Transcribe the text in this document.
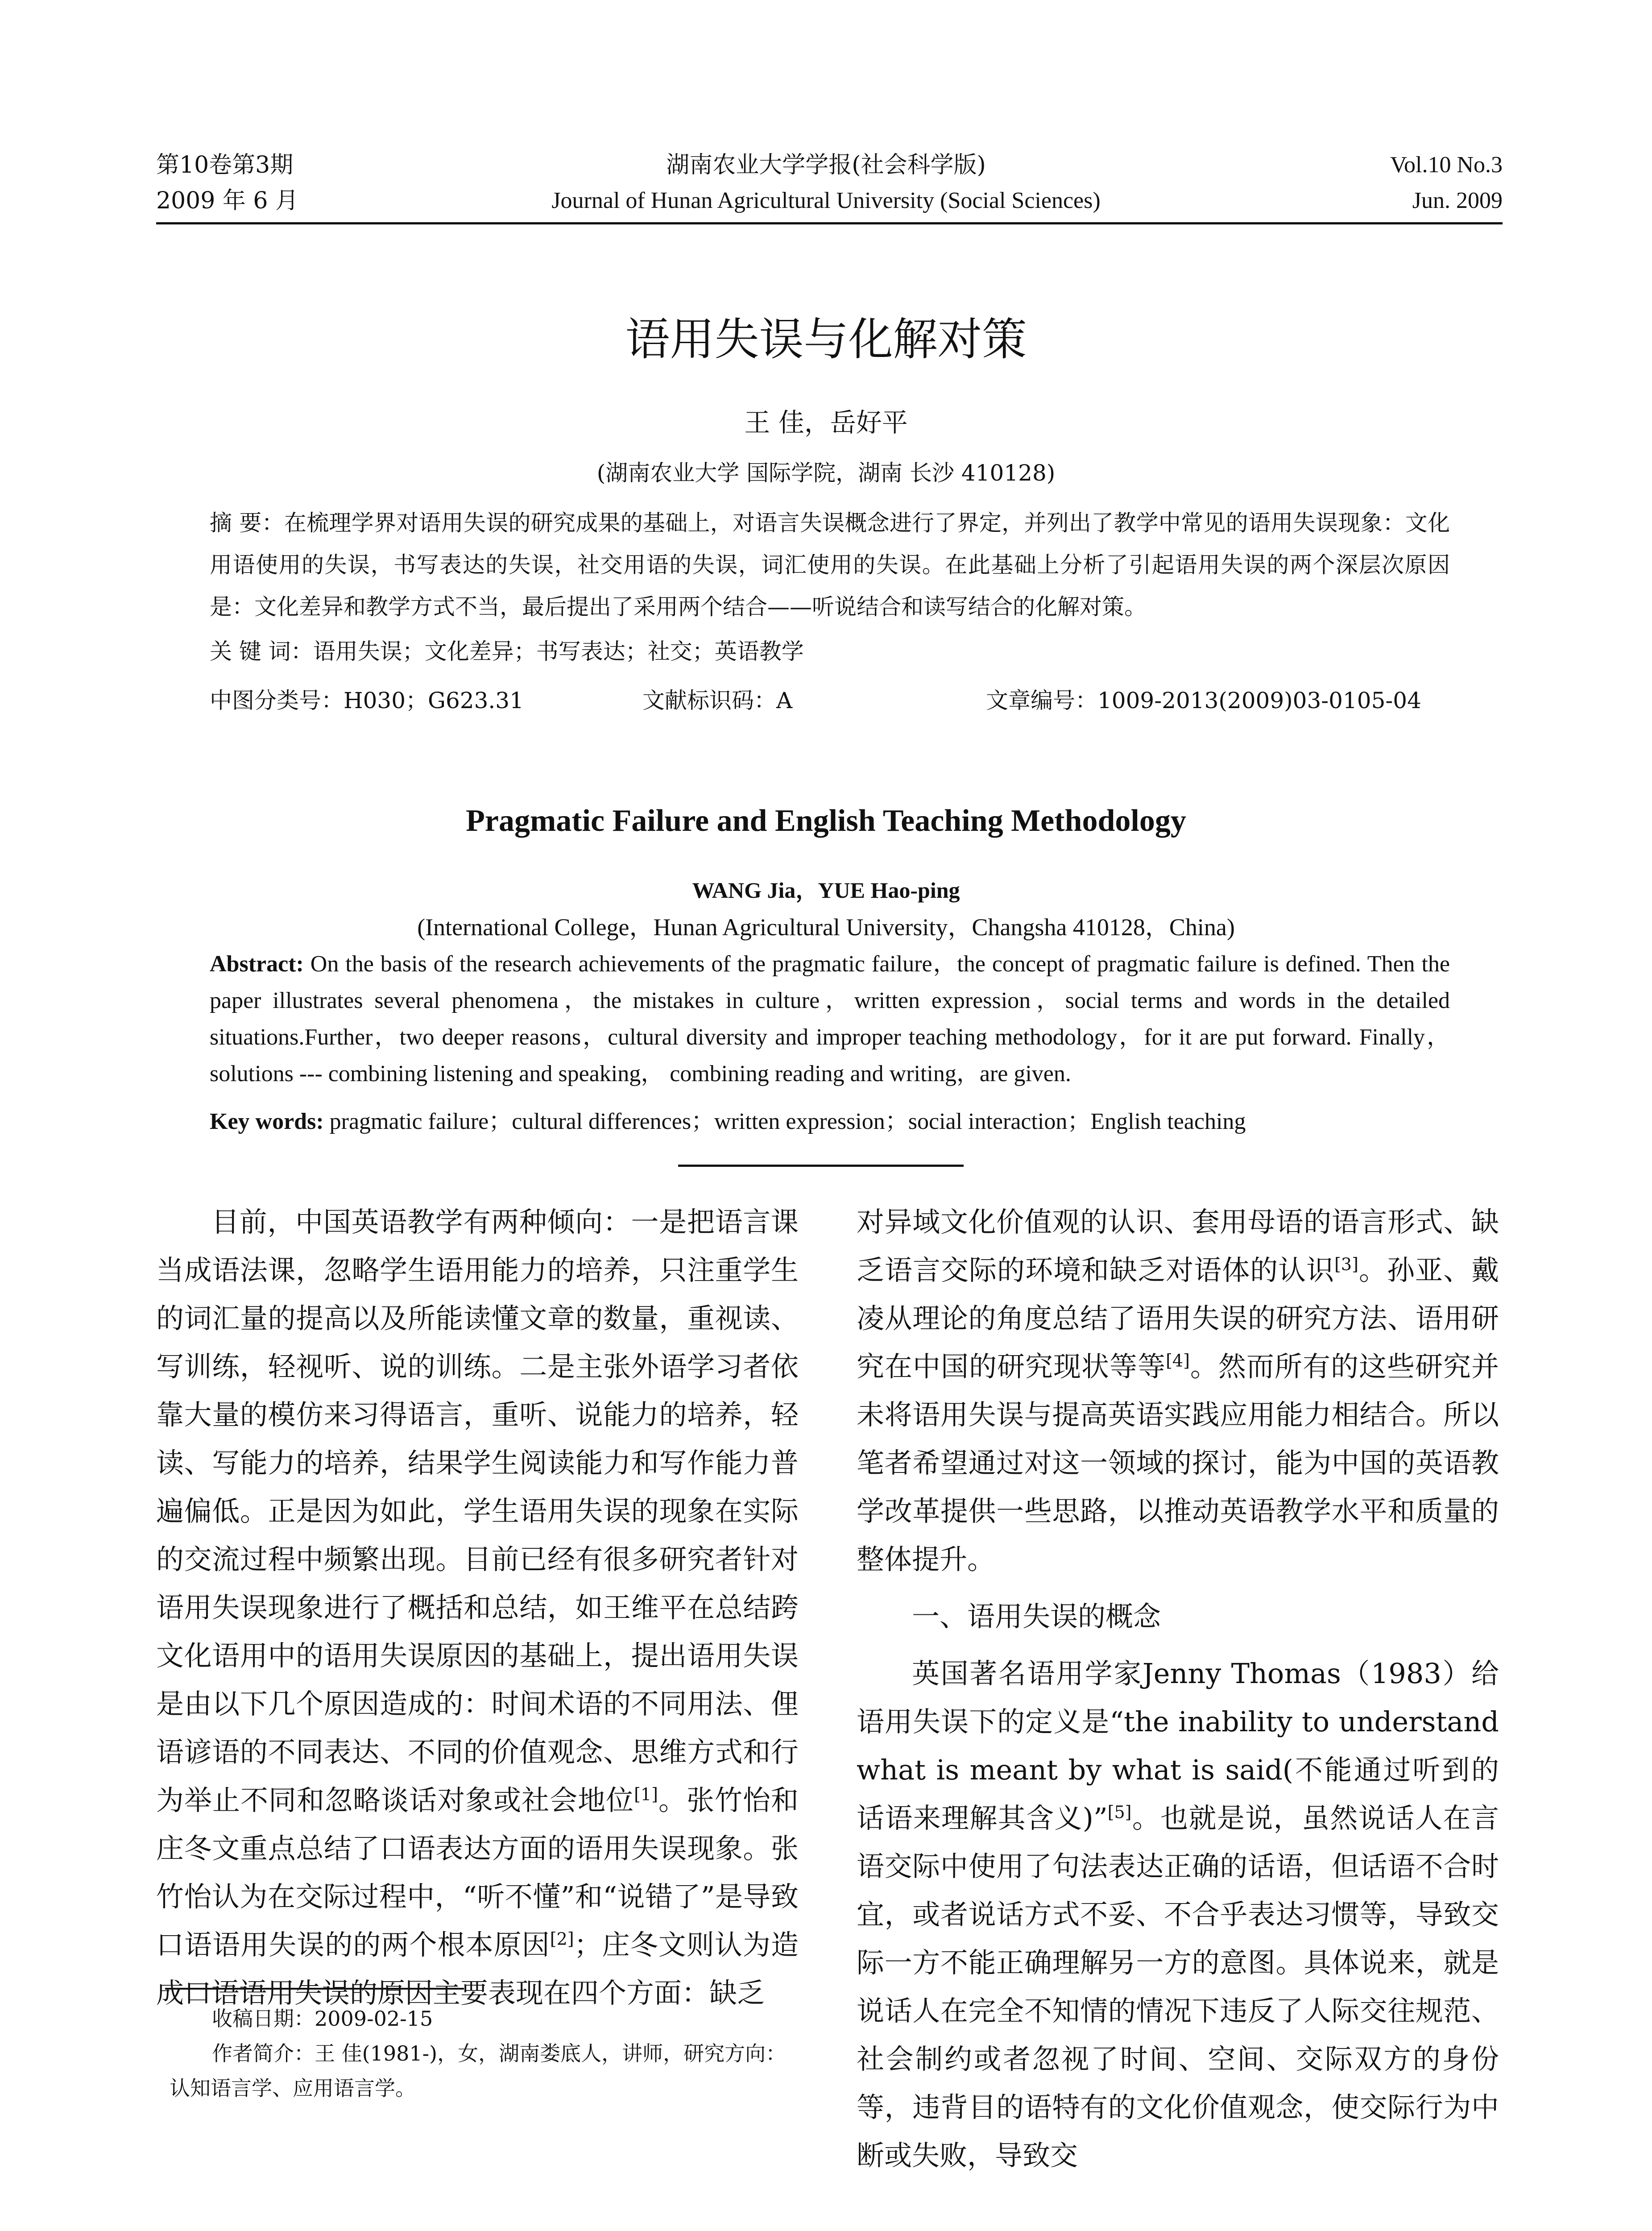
第10卷第3期
2009 年 6 月
湖南农业大学学报(社会科学版)
Journal of Hunan Agricultural University (Social Sciences)
Vol.10 No.3
Jun. 2009
语用失误与化解对策
王 佳，岳好平
(湖南农业大学 国际学院，湖南 长沙 410128)
摘 要：在梳理学界对语用失误的研究成果的基础上，对语言失误概念进行了界定，并列出了教学中常见的语用失误现象：文化用语使用的失误，书写表达的失误，社交用语的失误，词汇使用的失误。在此基础上分析了引起语用失误的两个深层次原因是：文化差异和教学方式不当，最后提出了采用两个结合——听说结合和读写结合的化解对策。
关 键 词：语用失误；文化差异；书写表达；社交；英语教学
中图分类号：H030；G623.31	文献标识码：A	文章编号：1009-2013(2009)03-0105-04
Pragmatic Failure and English Teaching Methodology
WANG Jia，YUE Hao-ping
(International College，Hunan Agricultural University，Changsha 410128，China)
Abstract: On the basis of the research achievements of the pragmatic failure，the concept of pragmatic failure is defined. Then the paper illustrates several phenomena，the mistakes in culture，written expression，social terms and words in the detailed situations.Further，two deeper reasons，cultural diversity and improper teaching methodology，for it are put forward. Finally，solutions --- combining listening and speaking， combining reading and writing，are given.
Key words: pragmatic failure；cultural differences；written expression；social interaction；English teaching

目前，中国英语教学有两种倾向：一是把语言课当成语法课，忽略学生语用能力的培养，只注重学生的词汇量的提高以及所能读懂文章的数量，重视读、写训练，轻视听、说的训练。二是主张外语学习者依靠大量的模仿来习得语言，重听、说能力的培养，轻读、写能力的培养，结果学生阅读能力和写作能力普遍偏低。正是因为如此，学生语用失误的现象在实际的交流过程中频繁出现。目前已经有很多研究者针对语用失误现象进行了概括和总结，如王维平在总结跨文化语用中的语用失误原因的基础上，提出语用失误是由以下几个原因造成的：时间术语的不同用法、俚语谚语的不同表达、不同的价值观念、思维方式和行为举止不同和忽略谈话对象或社会地位[1]。张竹怡和庄冬文重点总结了口语表达方面的语用失误现象。张竹怡认为在交际过程中，“听不懂”和“说错了”是导致口语语用失误的的两个根本原因[2]；庄冬文则认为造成口语语用失误的原因主要表现在四个方面：缺乏

对异域文化价值观的认识、套用母语的语言形式、缺乏语言交际的环境和缺乏对语体的认识[3]。孙亚、戴凌从理论的角度总结了语用失误的研究方法、语用研究在中国的研究现状等等[4]。然而所有的这些研究并未将语用失误与提高英语实践应用能力相结合。所以笔者希望通过对这一领域的探讨，能为中国的英语教学改革提供一些思路，以推动英语教学水平和质量的整体提升。

一、语用失误的概念

英国著名语用学家Jenny Thomas（1983）给语用失误下的定义是“the inability to understand what is meant by what is said(不能通过听到的话语来理解其含义)”[5]。也就是说，虽然说话人在言语交际中使用了句法表达正确的话语，但话语不合时宜，或者说话方式不妥、不合乎表达习惯等，导致交际一方不能正确理解另一方的意图。具体说来，就是说话人在完全不知情的情况下违反了人际交往规范、社会制约或者忽视了时间、空间、交际双方的身份等，违背目的语特有的文化价值观念，使交际行为中断或失败，导致交

收稿日期：2009-02-15
作者简介：王 佳(1981-)，女，湖南娄底人，讲师，研究方向：认知语言学、应用语言学。
